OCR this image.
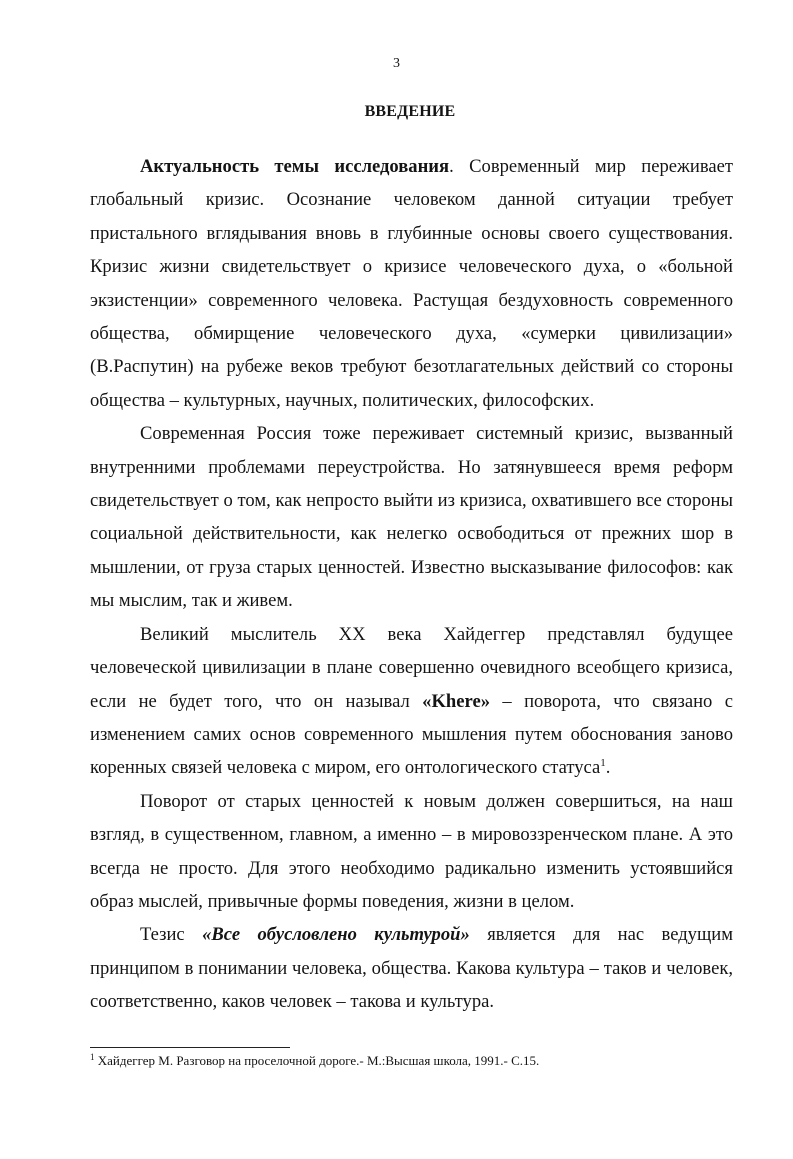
3
ВВЕДЕНИЕ

Актуальность темы исследования. Современный мир переживает глобальный кризис. Осознание человеком данной ситуации требует пристального вглядывания вновь в глубинные основы своего существования. Кризис жизни свидетельствует о кризисе человеческого духа, о «больной экзистенции» современного человека. Растущая бездуховность современного общества, обмирщение человеческого духа, «сумерки цивилизации» (В.Распутин) на рубеже веков требуют безотлагательных действий со стороны общества – культурных, научных, политических, философских.

Современная Россия тоже переживает системный кризис, вызванный внутренними проблемами переустройства. Но затянувшееся время реформ свидетельствует о том, как непросто выйти из кризиса, охватившего все стороны социальной действительности, как нелегко освободиться от прежних шор в мышлении, от груза старых ценностей. Известно высказывание философов: как мы мыслим, так и живем.

Великий мыслитель XX века Хайдеггер представлял будущее человеческой цивилизации в плане совершенно очевидного всеобщего кризиса, если не будет того, что он называл «Khere» – поворота, что связано с изменением самих основ современного мышления путем обоснования заново коренных связей человека с миром, его онтологического статуса$^1$.

Поворот от старых ценностей к новым должен совершиться, на наш взгляд, в существенном, главном, а именно – в мировоззренческом плане. А это всегда не просто. Для этого необходимо радикально изменить устоявшийся образ мыслей, привычные формы поведения, жизни в целом.

Тезис «Все обусловлено культурой» является для нас ведущим принципом в понимании человека, общества. Какова культура – таков и человек, соответственно, каков человек – такова и культура.

$^1$ Хайдеггер М. Разговор на проселочной дороге.- М.:Высшая школа, 1991.- С.15.
